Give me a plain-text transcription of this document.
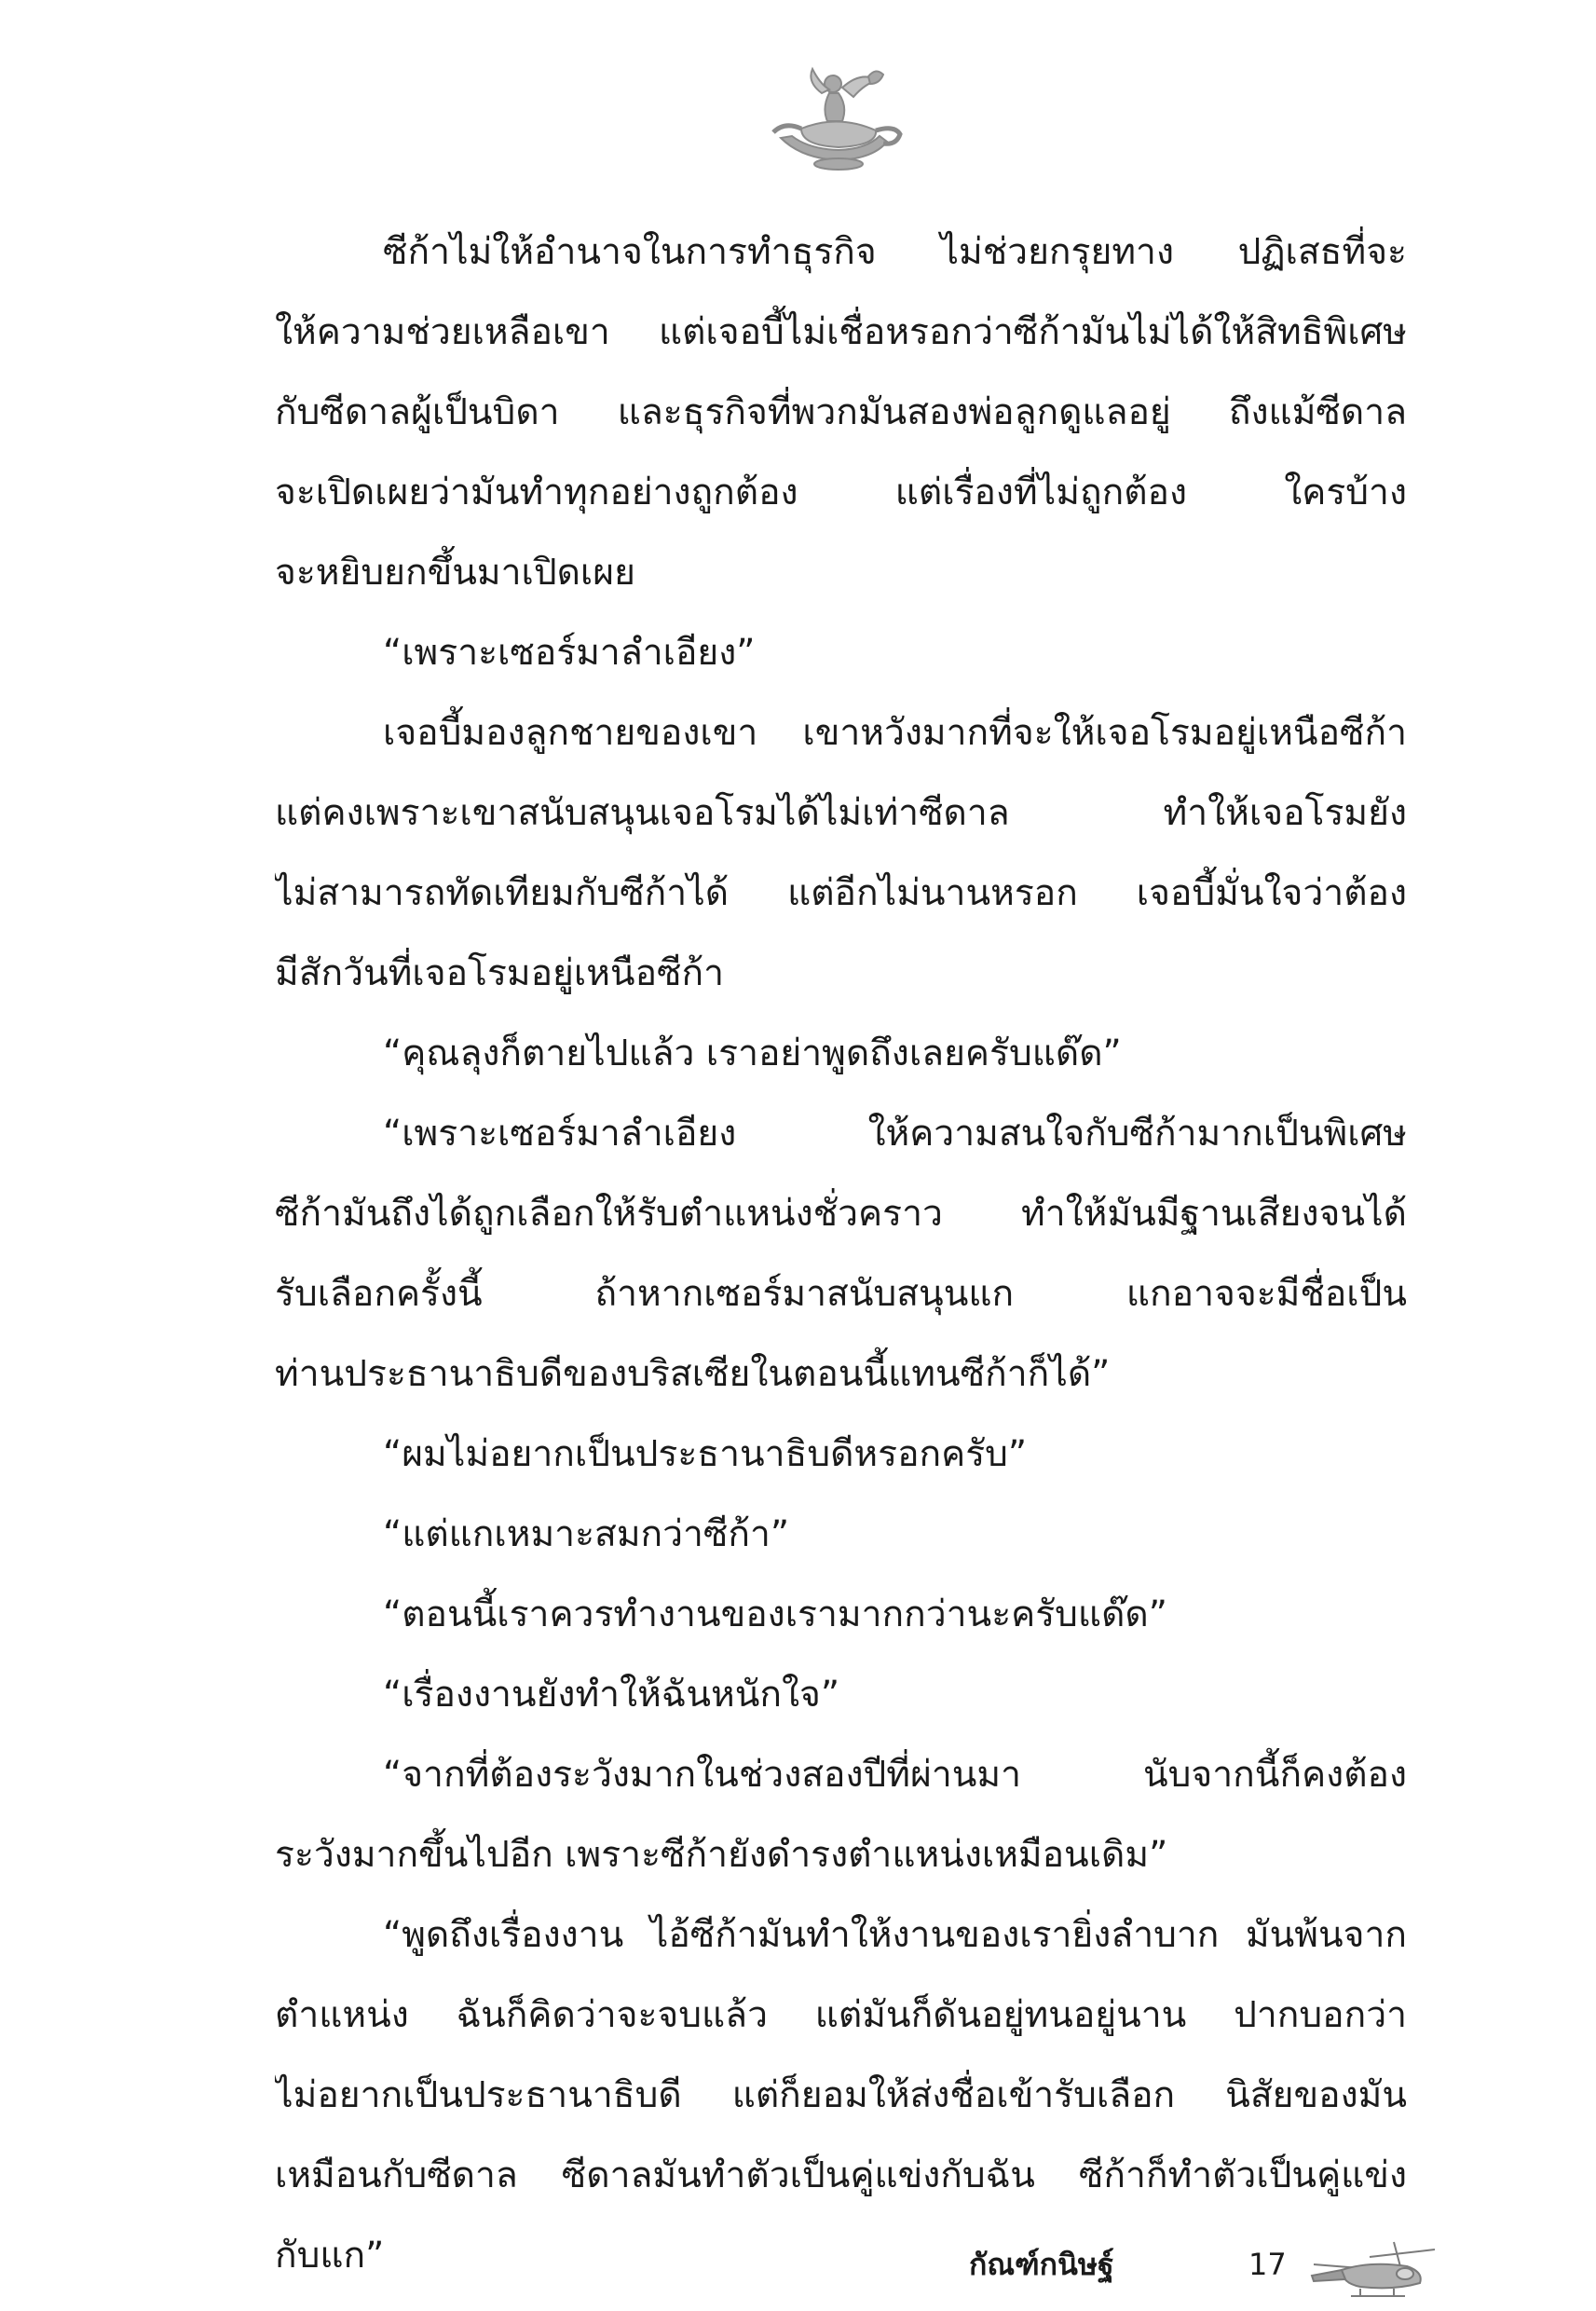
ซีก้าไม่ให้อำนาจในการทำธุรกิจ ไม่ช่วยกรุยทาง ปฏิเสธที่จะ
ให้ความช่วยเหลือเขา แต่เจอบี้ไม่เชื่อหรอกว่าซีก้ามันไม่ได้ให้สิทธิพิเศษ
กับซีดาลผู้เป็นบิดา และธุรกิจที่พวกมันสองพ่อลูกดูแลอยู่ ถึงแม้ซีดาล
จะเปิดเผยว่ามันทำทุกอย่างถูกต้อง แต่เรื่องที่ไม่ถูกต้อง ใครบ้าง
จะหยิบยกขึ้นมาเปิดเผย
“เพราะเซอร์มาลำเอียง”
เจอบี้มองลูกชายของเขา เขาหวังมากที่จะให้เจอโรมอยู่เหนือซีก้า
แต่คงเพราะเขาสนับสนุนเจอโรมได้ไม่เท่าซีดาล ทำให้เจอโรมยัง
ไม่สามารถทัดเทียมกับซีก้าได้ แต่อีกไม่นานหรอก เจอบี้มั่นใจว่าต้อง
มีสักวันที่เจอโรมอยู่เหนือซีก้า
“คุณลุงก็ตายไปแล้ว เราอย่าพูดถึงเลยครับแด๊ด”
“เพราะเซอร์มาลำเอียง ให้ความสนใจกับซีก้ามากเป็นพิเศษ
ซีก้ามันถึงได้ถูกเลือกให้รับตำแหน่งชั่วคราว ทำให้มันมีฐานเสียงจนได้
รับเลือกครั้งนี้ ถ้าหากเซอร์มาสนับสนุนแก แกอาจจะมีชื่อเป็น
ท่านประธานาธิบดีของบริสเซียในตอนนี้แทนซีก้าก็ได้”
“ผมไม่อยากเป็นประธานาธิบดีหรอกครับ”
“แต่แกเหมาะสมกว่าซีก้า”
“ตอนนี้เราควรทำงานของเรามากกว่านะครับแด๊ด”
“เรื่องงานยังทำให้ฉันหนักใจ”
“จากที่ต้องระวังมากในช่วงสองปีที่ผ่านมา นับจากนี้ก็คงต้อง
ระวังมากขึ้นไปอีก เพราะซีก้ายังดำรงตำแหน่งเหมือนเดิม”
“พูดถึงเรื่องงาน ไอ้ซีก้ามันทำให้งานของเรายิ่งลำบาก มันพ้นจาก
ตำแหน่ง ฉันก็คิดว่าจะจบแล้ว แต่มันก็ดันอยู่ทนอยู่นาน ปากบอกว่า
ไม่อยากเป็นประธานาธิบดี แต่ก็ยอมให้ส่งชื่อเข้ารับเลือก นิสัยของมัน
เหมือนกับซีดาล ซีดาลมันทำตัวเป็นคู่แข่งกับฉัน ซีก้าก็ทำตัวเป็นคู่แข่ง
กับแก”	กัณฑ์กนิษฐ์	17
